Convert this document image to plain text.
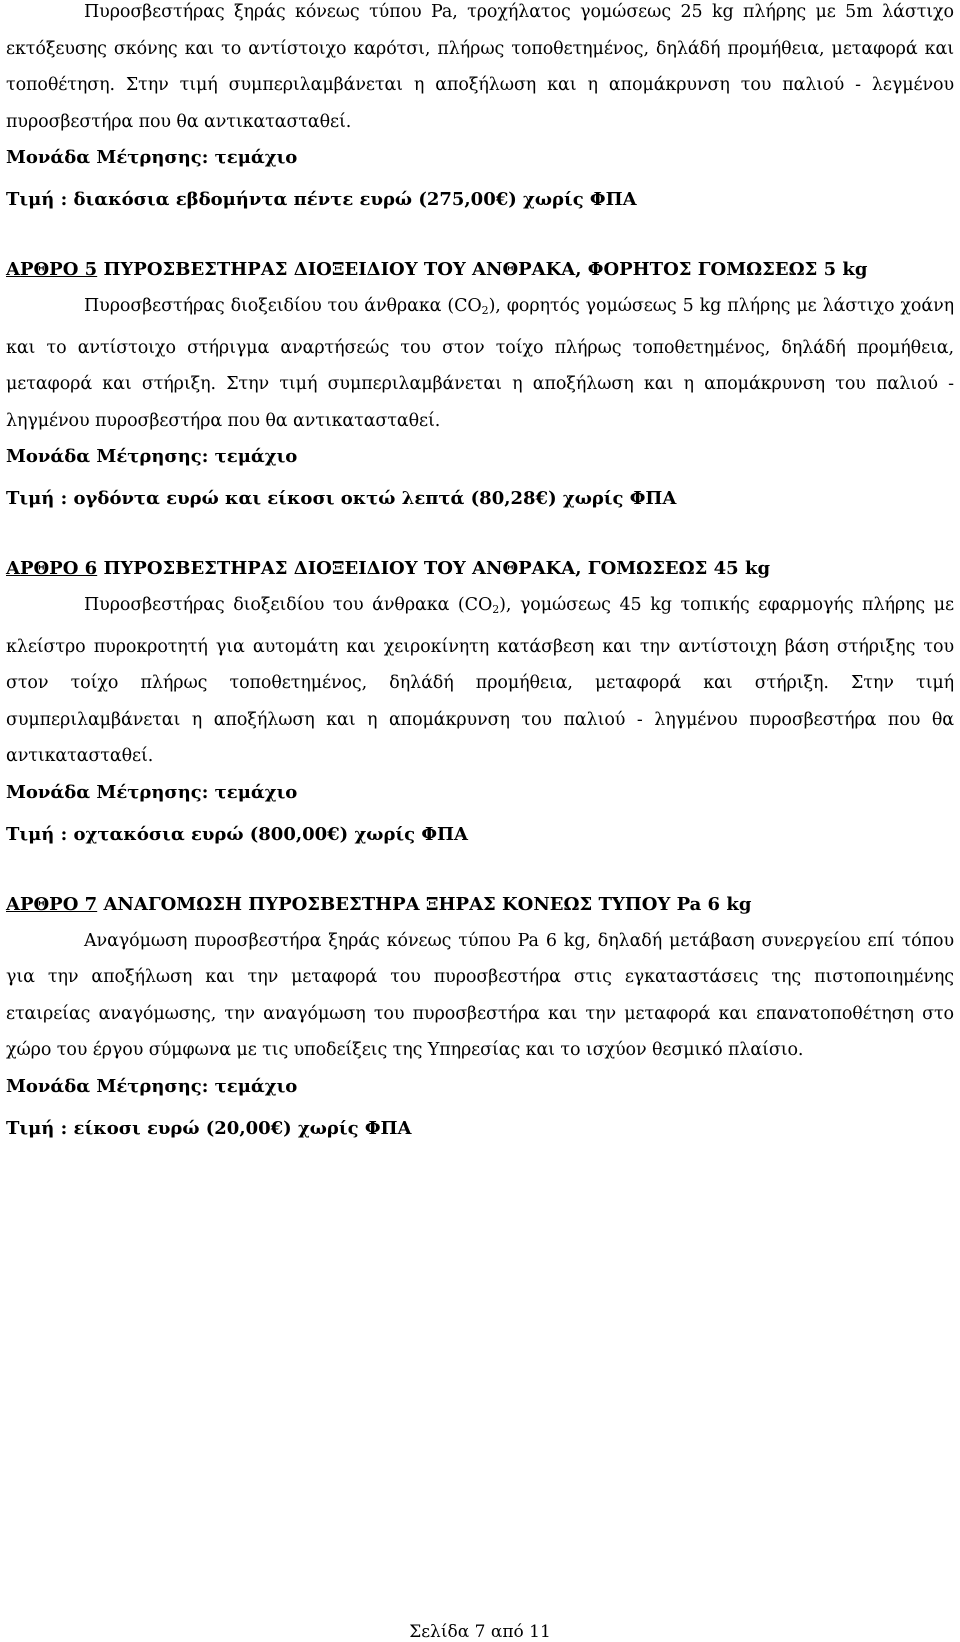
Πυροσβεστήρας ξηράς κόνεως τύπου Pa, τροχήλατος γομώσεως 25 kg πλήρης με 5m λάστιχο εκτόξευσης σκόνης και το αντίστοιχο καρότσι, πλήρως τοποθετημένος, δηλάδή προμήθεια, μεταφορά και τοποθέτηση. Στην τιμή συμπεριλαμβάνεται η αποξήλωση και η απομάκρυνση του παλιού - λεγμένου πυροσβεστήρα που θα αντικατασταθεί.

Μονάδα Μέτρησης: τεμάχιο

Τιμή : διακόσια εβδομήντα πέντε ευρώ (275,00€) χωρίς ΦΠΑ

ΑΡΘΡΟ 5 ΠΥΡΟΣΒΕΣΤΗΡΑΣ ΔΙΟΞΕΙΔΙΟΥ ΤΟΥ ΑΝΘΡΑΚΑ, ΦΟΡΗΤΟΣ ΓΟΜΩΣΕΩΣ 5 kg

Πυροσβεστήρας διοξειδίου του άνθρακα $(CO_2)$, φορητός γομώσεως 5 kg πλήρης με λάστιχο χοάνη και το αντίστοιχο στήριγμα αναρτήσεώς του στον τοίχο πλήρως τοποθετημένος, δηλάδή προμήθεια, μεταφορά και στήριξη. Στην τιμή συμπεριλαμβάνεται η αποξήλωση και η απομάκρυνση του παλιού - ληγμένου πυροσβεστήρα που θα αντικατασταθεί.

Μονάδα Μέτρησης: τεμάχιο

Τιμή : ογδόντα ευρώ και είκοσι οκτώ λεπτά (80,28€) χωρίς ΦΠΑ

ΑΡΘΡΟ 6 ΠΥΡΟΣΒΕΣΤΗΡΑΣ ΔΙΟΞΕΙΔΙΟΥ ΤΟΥ ΑΝΘΡΑΚΑ, ΓΟΜΩΣΕΩΣ 45 kg

Πυροσβεστήρας διοξειδίου του άνθρακα $(CO_2)$, γομώσεως 45 kg τοπικής εφαρμογής πλήρης με κλείστρο πυροκροτητή για αυτομάτη και χειροκίνητη κατάσβεση και την αντίστοιχη βάση στήριξης του στον τοίχο πλήρως τοποθετημένος, δηλάδή προμήθεια, μεταφορά και στήριξη. Στην τιμή συμπεριλαμβάνεται η αποξήλωση και η απομάκρυνση του παλιού - ληγμένου πυροσβεστήρα που θα αντικατασταθεί.

Μονάδα Μέτρησης: τεμάχιο

Τιμή : οχτακόσια ευρώ (800,00€) χωρίς ΦΠΑ

ΑΡΘΡΟ 7 ΑΝΑΓΟΜΩΣΗ ΠΥΡΟΣΒΕΣΤΗΡΑ ΞΗΡΑΣ ΚΟΝΕΩΣ ΤΥΠΟΥ Pa 6 kg

Αναγόμωση πυροσβεστήρα ξηράς κόνεως τύπου Pa 6 kg, δηλαδή μετάβαση συνεργείου επί τόπου για την αποξήλωση και την μεταφορά του πυροσβεστήρα στις εγκαταστάσεις της πιστοποιημένης εταιρείας αναγόμωσης, την αναγόμωση του πυροσβεστήρα και την μεταφορά και επανατοποθέτηση στο χώρο του έργου σύμφωνα με τις υποδείξεις της Υπηρεσίας και το ισχύον θεσμικό πλαίσιο.

Μονάδα Μέτρησης: τεμάχιο

Τιμή : είκοσι ευρώ (20,00€) χωρίς ΦΠΑ

Σελίδα 7 από 11
